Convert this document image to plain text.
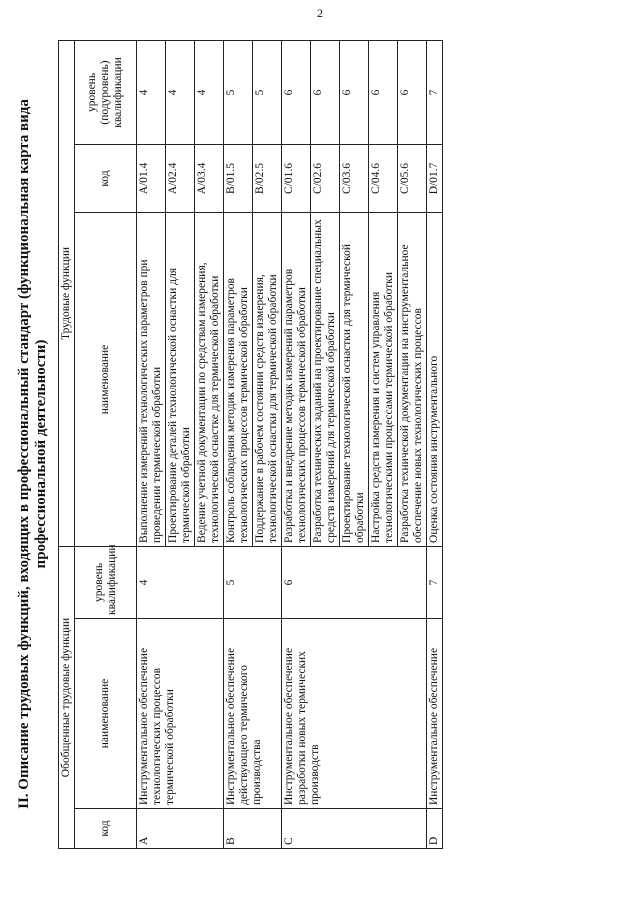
2
II. Описание трудовых функций, входящих в профессиональный стандарт (функциональная карта вида профессиональной деятельности)
Обобщенные трудовые функции			Трудовые функции		
код	наименование	уровень квалификации	наименование	код	уровень (подуровень) квалификации
A	Инструментальное обеспечение технологических процессов термической обработки	4	Выполнение измерений технологических параметров при проведении термической обработки	A/01.4	4
			Проектирование деталей технологической оснастки для термической обработки	A/02.4	4
			Ведение учетной документации по средствам измерения, технологической оснастке для термической обработки	A/03.4	4
B	Инструментальное обеспечение действующего термического производства	5	Контроль соблюдения методик измерения параметров технологических процессов термической обработки	B/01.5	5
			Поддержание в рабочем состоянии средств измерения, технологической оснастки для термической обработки	B/02.5	5
C	Инструментальное обеспечение разработки новых термических производств	6	Разработка и внедрение методик измерений параметров технологических процессов термической обработки	C/01.6	6
			Разработка технических заданий на проектирование специальных средств измерений для термической обработки	C/02.6	6
			Проектирование технологической оснастки для термической обработки	C/03.6	6
			Настройка средств измерения и систем управления технологическими процессами термической обработки	C/04.6	6
			Разработка технической документации на инструментальное обеспечение новых технологических процессов	C/05.6	6
D	Инструментальное обеспечение	7	Оценка состояния инструментального	D/01.7	7
